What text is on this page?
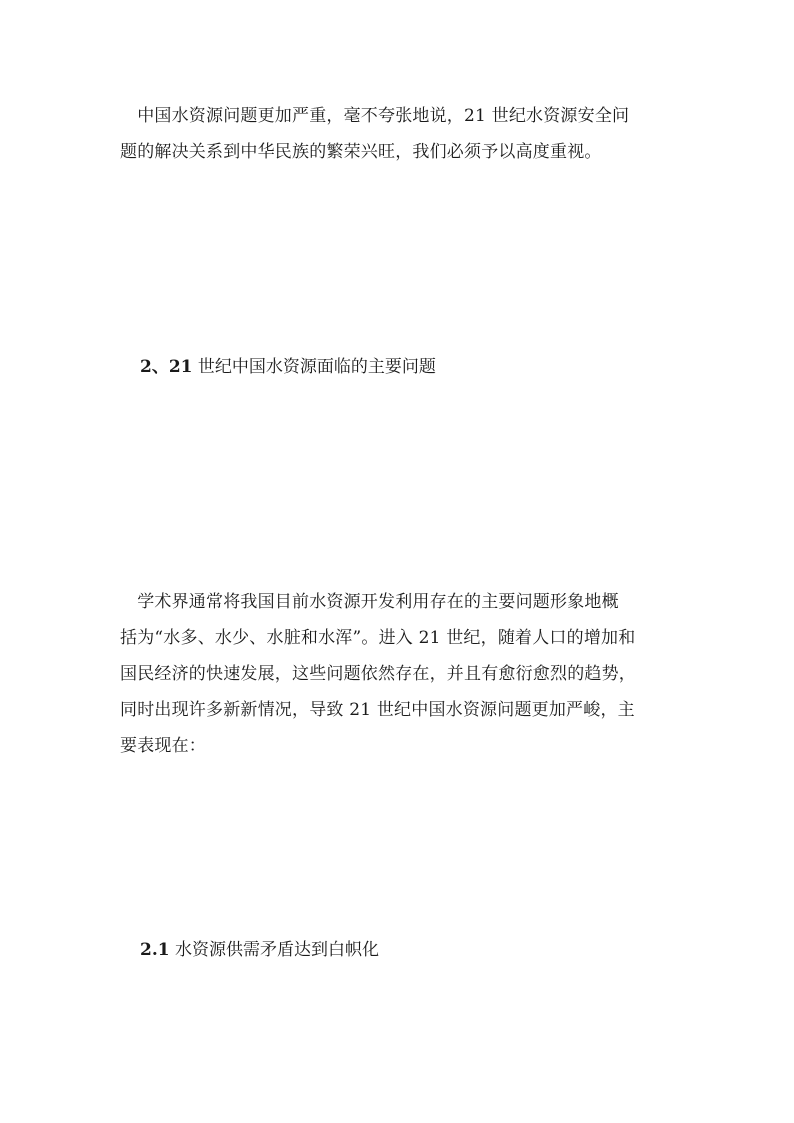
　中国水资源问题更加严重，毫不夸张地说，21 世纪水资源安全问
题的解决关系到中华民族的繁荣兴旺，我们必须予以高度重视。

2、21 世纪中国水资源面临的主要问题

　学术界通常将我国目前水资源开发利用存在的主要问题形象地概
括为“水多、水少、水脏和水浑”。进入 21 世纪，随着人口的增加和
国民经济的快速发展，这些问题依然存在，并且有愈衍愈烈的趋势，
同时出现许多新新情况，导致 21 世纪中国水资源问题更加严峻，主
要表现在：

2.1 水资源供需矛盾达到白帜化
